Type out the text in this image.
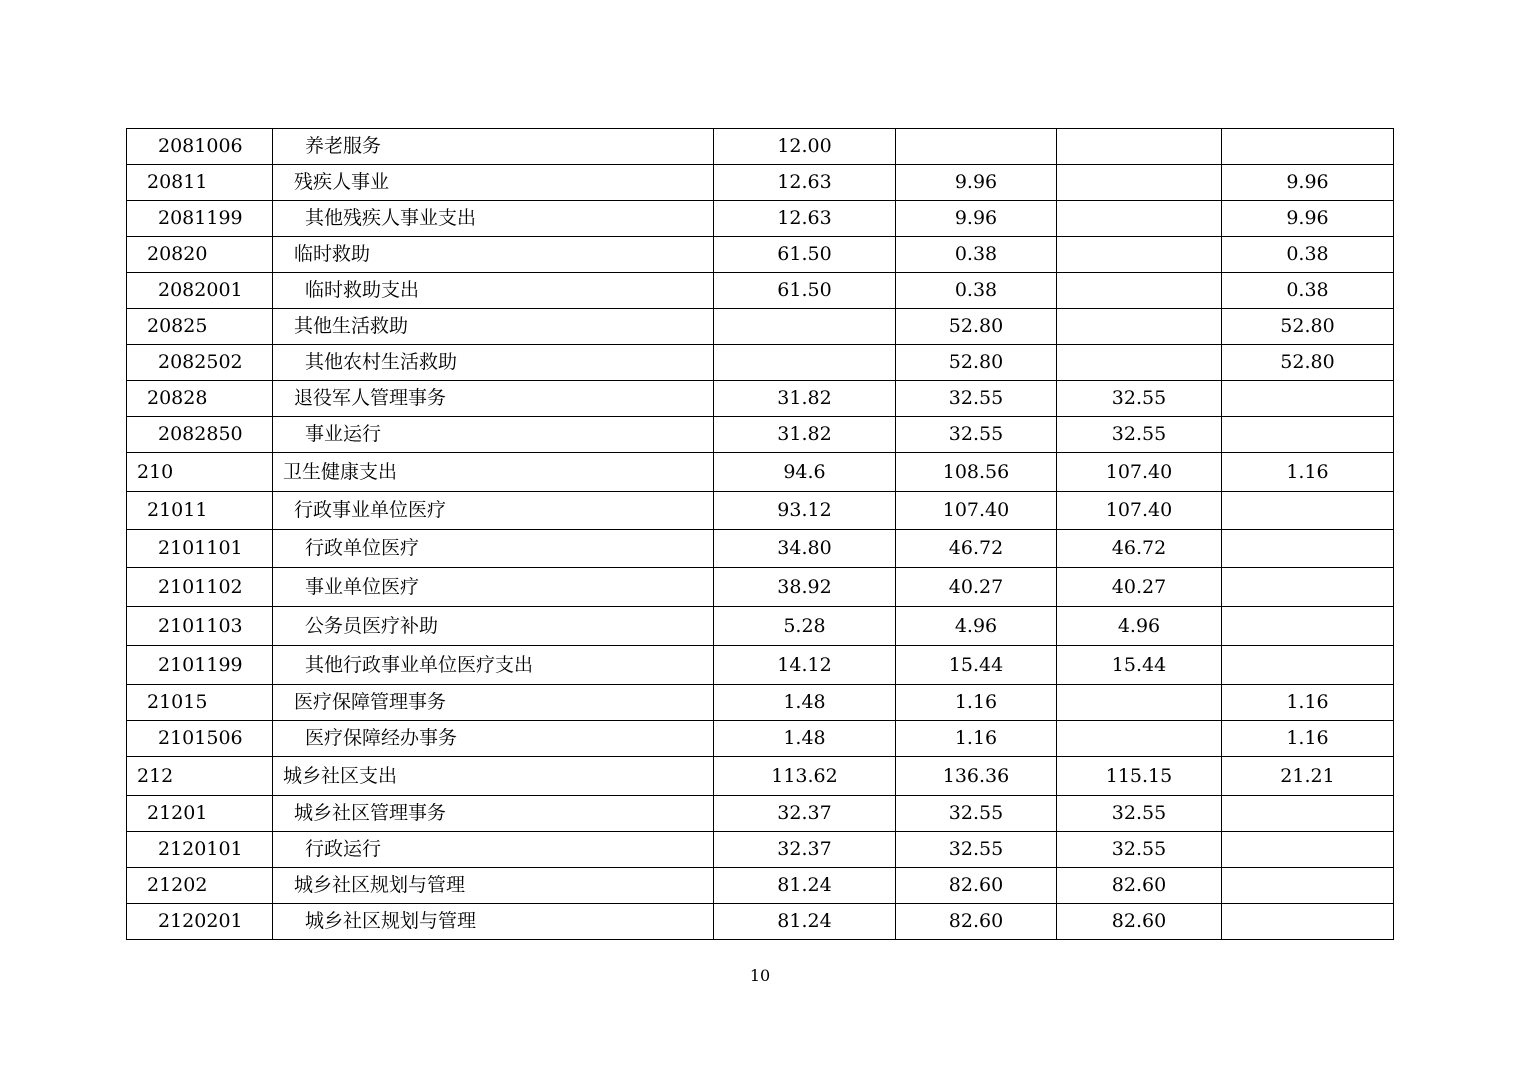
2081006	养老服务	12.00			
20811	残疾人事业	12.63	9.96		9.96
2081199	其他残疾人事业支出	12.63	9.96		9.96
20820	临时救助	61.50	0.38		0.38
2082001	临时救助支出	61.50	0.38		0.38
20825	其他生活救助		52.80		52.80
2082502	其他农村生活救助		52.80		52.80
20828	退役军人管理事务	31.82	32.55	32.55	
2082850	事业运行	31.82	32.55	32.55	
210	卫生健康支出	94.6	108.56	107.40	1.16
21011	行政事业单位医疗	93.12	107.40	107.40	
2101101	行政单位医疗	34.80	46.72	46.72	
2101102	事业单位医疗	38.92	40.27	40.27	
2101103	公务员医疗补助	5.28	4.96	4.96	
2101199	其他行政事业单位医疗支出	14.12	15.44	15.44	
21015	医疗保障管理事务	1.48	1.16		1.16
2101506	医疗保障经办事务	1.48	1.16		1.16
212	城乡社区支出	113.62	136.36	115.15	21.21
21201	城乡社区管理事务	32.37	32.55	32.55	
2120101	行政运行	32.37	32.55	32.55	
21202	城乡社区规划与管理	81.24	82.60	82.60	
2120201	城乡社区规划与管理	81.24	82.60	82.60	
10
